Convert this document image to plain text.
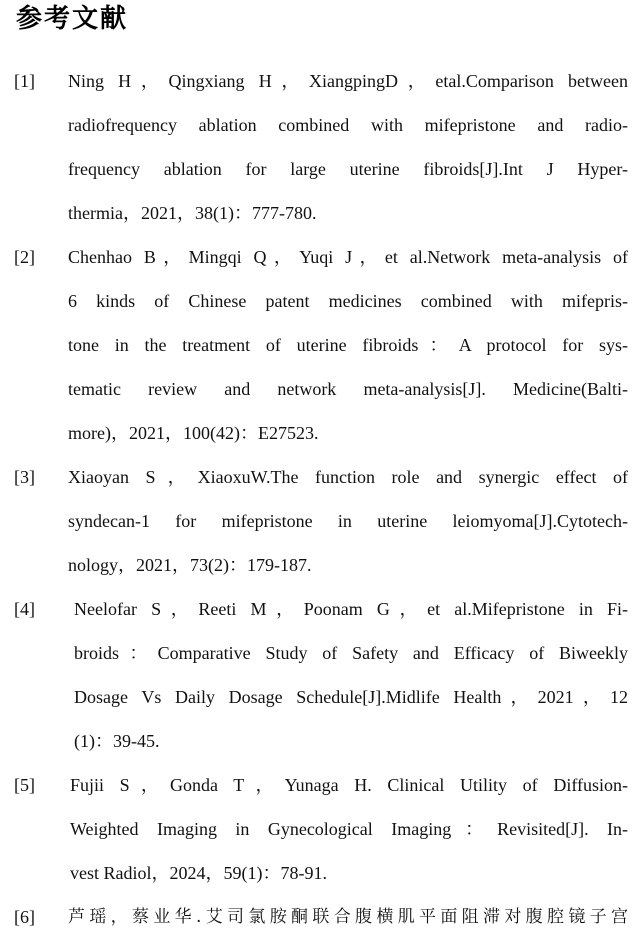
参考文献
[1] Ning H，Qingxiang H，XiangpingD，etal.Comparison between
radiofrequency ablation combined with mifepristone and radio-
frequency ablation for large uterine fibroids[J].Int J Hyper-
thermia，2021，38(1)：777-780.
[2] Chenhao B，Mingqi Q，Yuqi J，et al.Network meta-analysis of
6 kinds of Chinese patent medicines combined with mifepris-
tone in the treatment of uterine fibroids：A protocol for sys-
tematic review and network meta-analysis[J]. Medicine(Balti-
more)，2021，100(42)：E27523.
[3] Xiaoyan S，XiaoxuW.The function role and synergic effect of
syndecan-1 for mifepristone in uterine leiomyoma[J].Cytotech-
nology，2021，73(2)：179-187.
[4] Neelofar S，Reeti M，Poonam G，et al.Mifepristone in Fi-
broids：Comparative Study of Safety and Efficacy of Biweekly
Dosage Vs Daily Dosage Schedule[J].Midlife Health，2021，12
(1)：39-45.
[5] Fujii S，Gonda T，Yunaga H. Clinical Utility of Diffusion-
Weighted Imaging in Gynecological Imaging：Revisited[J]. In-
vest Radiol，2024，59(1)：78-91.
[6] 芦瑶，蔡业华.艾司氯胺酮联合腹横肌平面阻滞对腹腔镜子宫
